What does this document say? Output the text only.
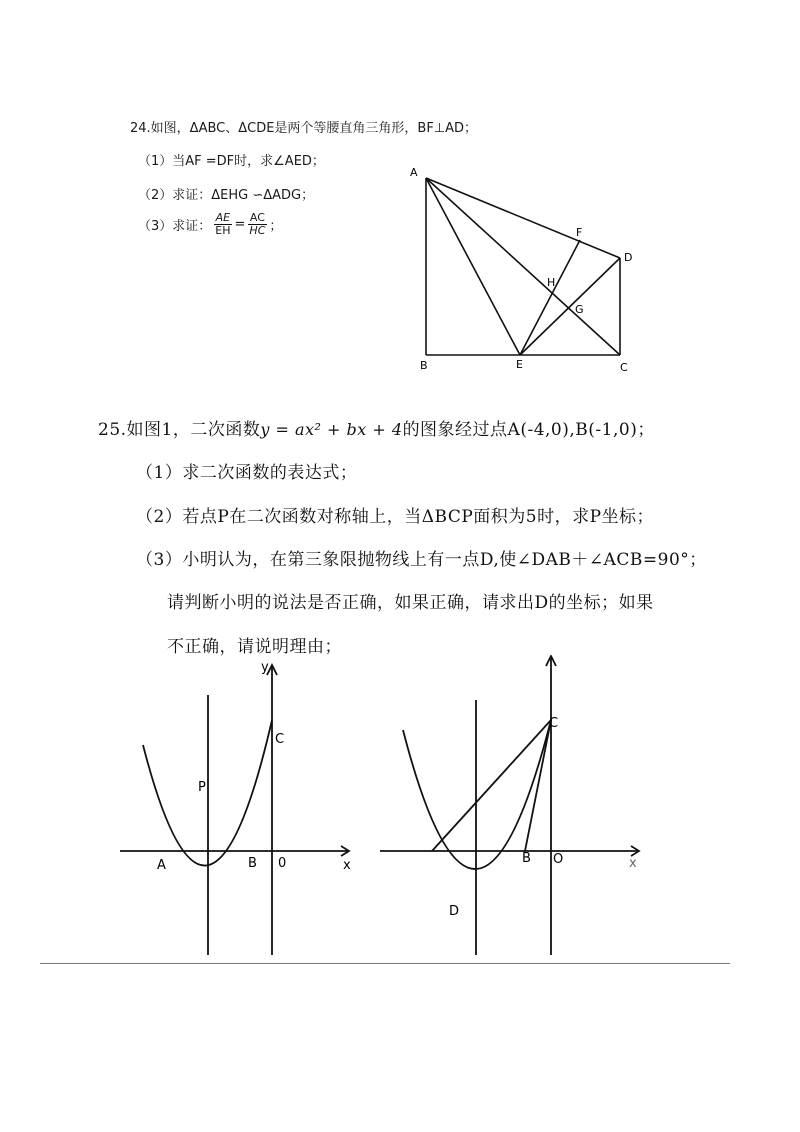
24.如图，ΔABC、ΔCDE是两个等腰直角三角形，BF⊥AD；
（1）当AF =DF时，求∠AED；
（2）求证：ΔEHG ∽ΔADG；
（3）求证： $\frac{AE}{EH} = \frac{AC}{HC}$ ；
A
B	C
D
E
F
G
H
25.如图1，二次函数 y = ax² + bx + 4 的图象经过点A(-4,0),B(-1,0)；
（1）求二次函数的表达式；
（2）若点P在二次函数对称轴上，当ΔBCP面积为5时，求P坐标；
（3）小明认为，在第三象限抛物线上有一点D,使∠DAB＋∠ACB=90°；
请判断小明的说法是否正确，如果正确，请求出D的坐标；如果
不正确，请说明理由；
y
x
A	B 0
C
P
C
B O
D
x
